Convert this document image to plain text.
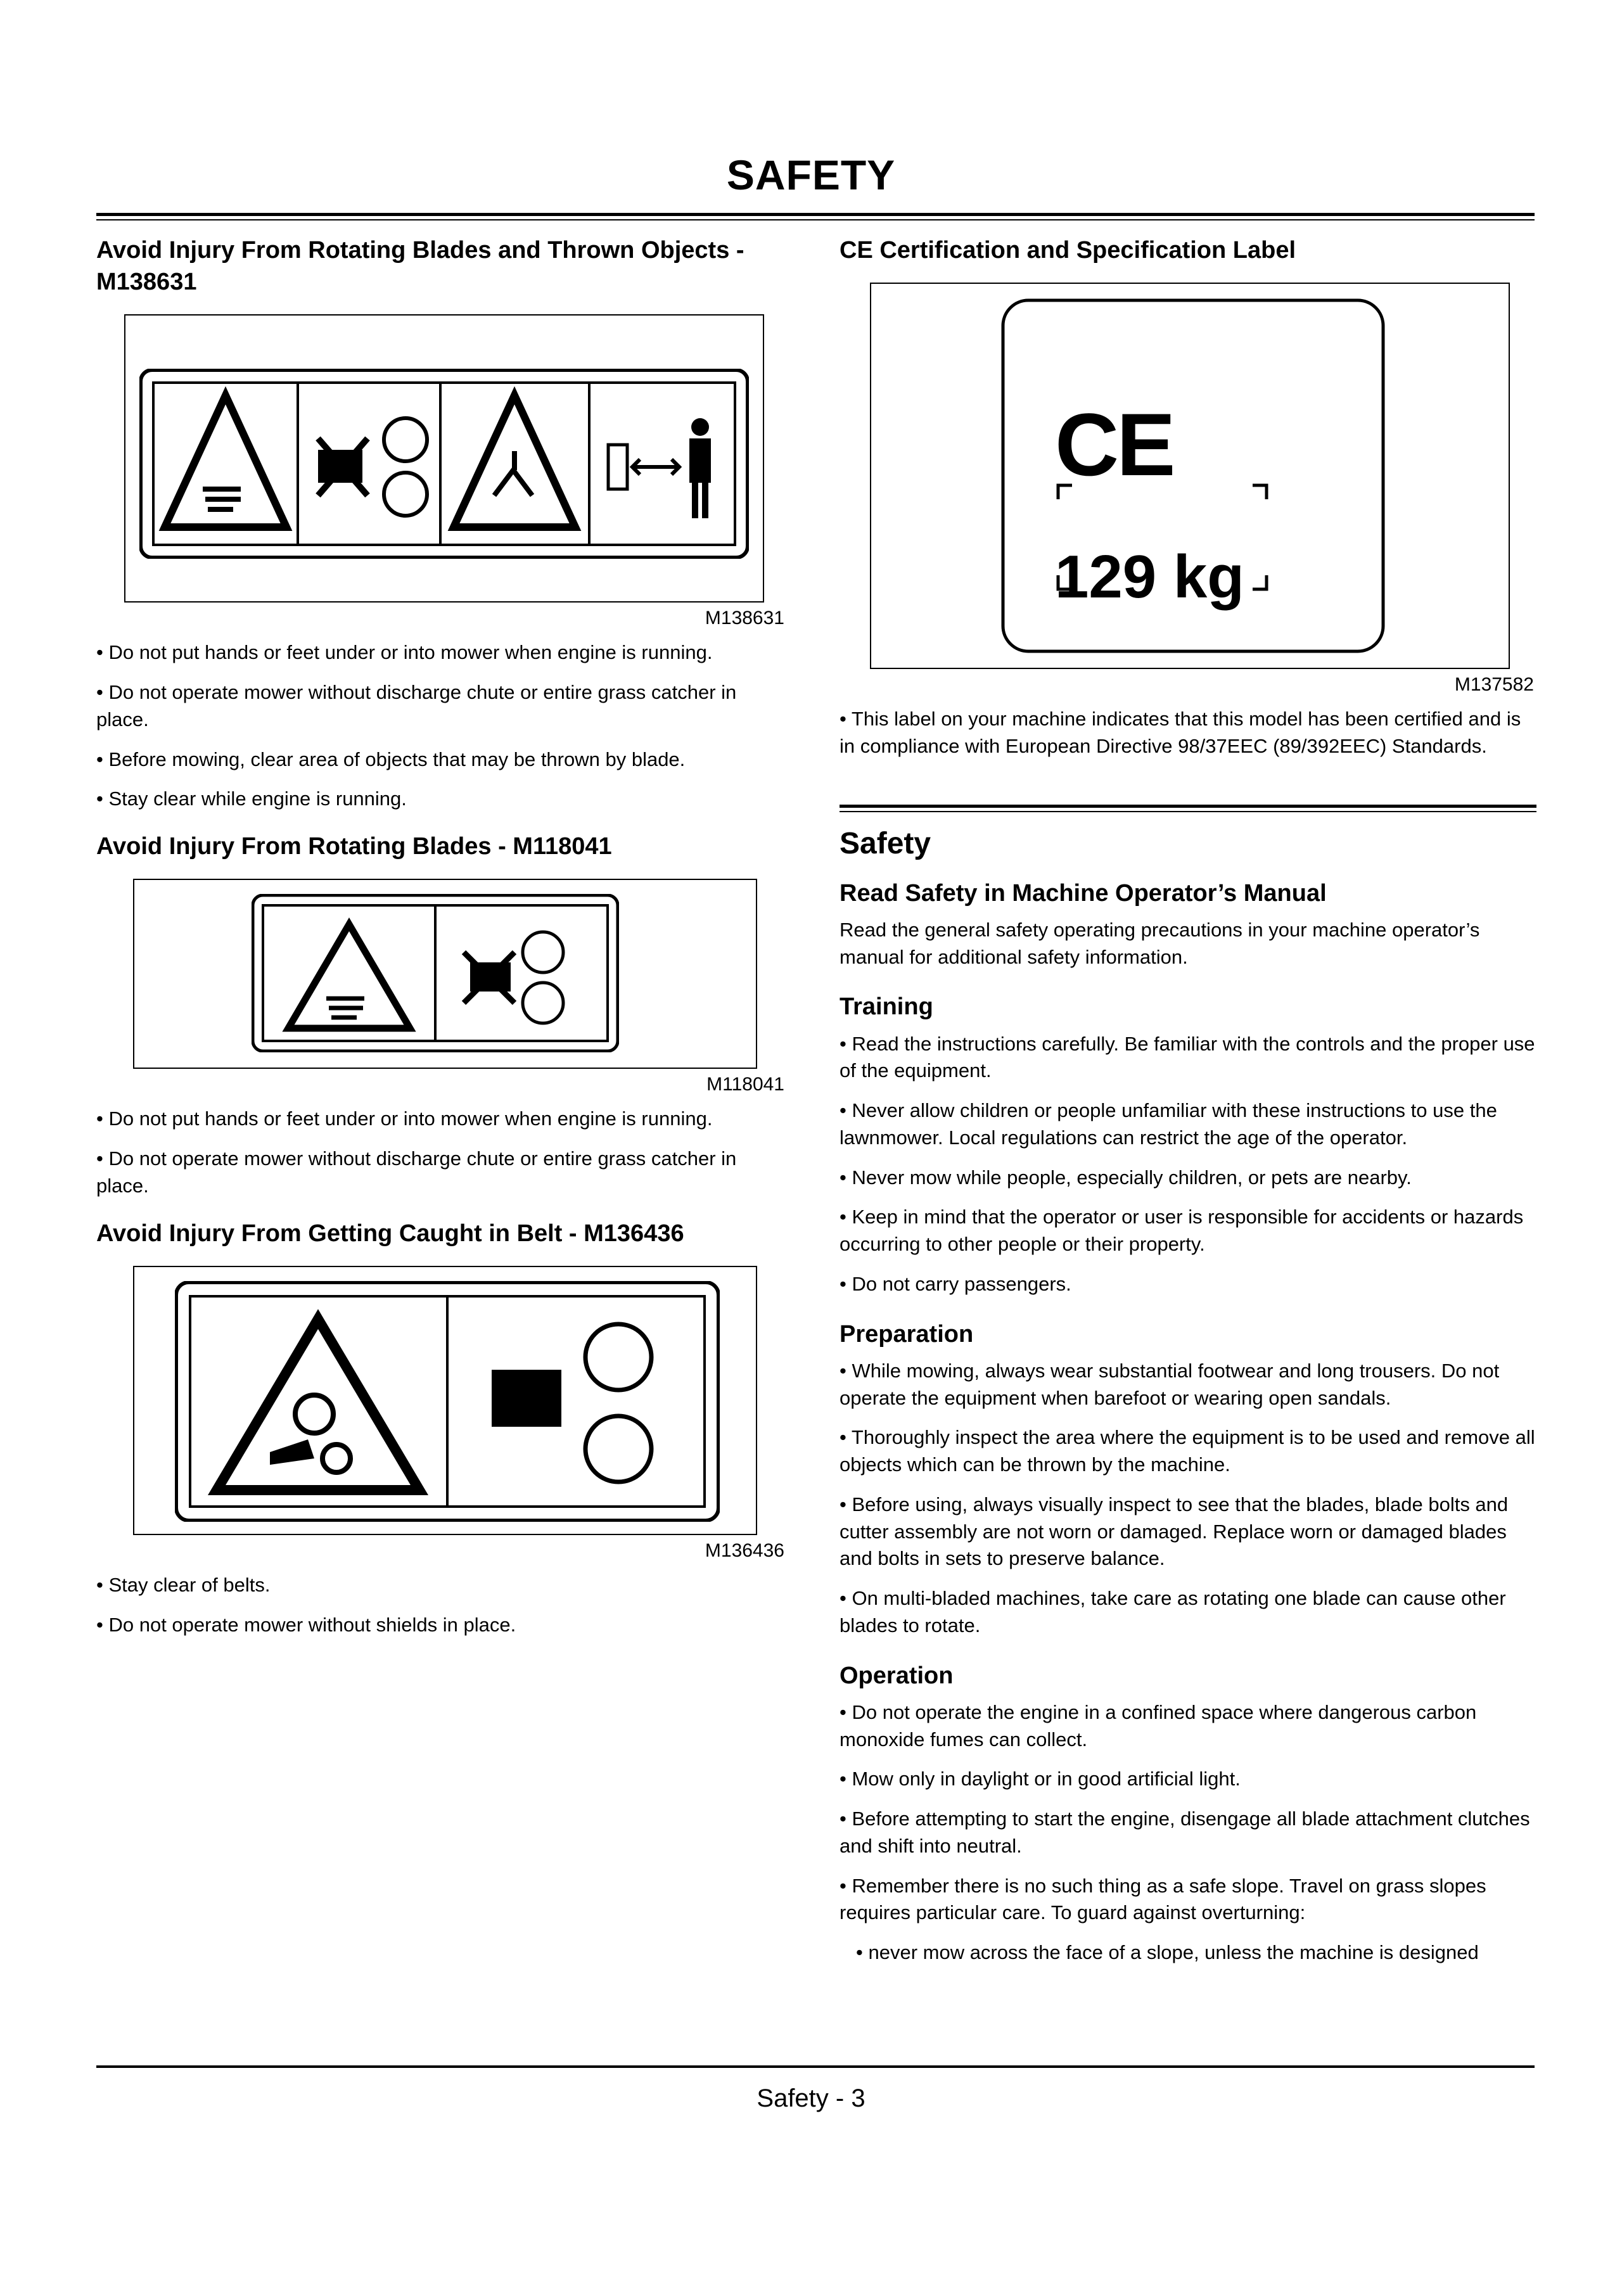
SAFETY
Avoid Injury From Rotating Blades and Thrown Objects - M138631
M138631

• Do not put hands or feet under or into mower when engine is running.

• Do not operate mower without discharge chute or entire grass catcher in place.

• Before mowing, clear area of objects that may be thrown by blade.

• Stay clear while engine is running.

Avoid Injury From Rotating Blades - M118041
M118041

• Do not put hands or feet under or into mower when engine is running.

• Do not operate mower without discharge chute or entire grass catcher in place.

Avoid Injury From Getting Caught in Belt - M136436
M136436

• Stay clear of belts.

• Do not operate mower without shields in place.

CE Certification and Specification Label
CE
129 kg
M137582

• This label on your machine indicates that this model has been certified and is in compliance with European Directive 98/37EEC (89/392EEC) Standards.

Safety
Read Safety in Machine Operator’s Manual

Read the general safety operating precautions in your machine operator’s manual for additional safety information.

Training

• Read the instructions carefully. Be familiar with the controls and the proper use of the equipment.

• Never allow children or people unfamiliar with these instructions to use the lawnmower. Local regulations can restrict the age of the operator.

• Never mow while people, especially children, or pets are nearby.

• Keep in mind that the operator or user is responsible for accidents or hazards occurring to other people or their property.

• Do not carry passengers.

Preparation

• While mowing, always wear substantial footwear and long trousers. Do not operate the equipment when barefoot or wearing open sandals.

• Thoroughly inspect the area where the equipment is to be used and remove all objects which can be thrown by the machine.

• Before using, always visually inspect to see that the blades, blade bolts and cutter assembly are not worn or damaged. Replace worn or damaged blades and bolts in sets to preserve balance.

• On multi-bladed machines, take care as rotating one blade can cause other blades to rotate.

Operation

• Do not operate the engine in a confined space where dangerous carbon monoxide fumes can collect.

• Mow only in daylight or in good artificial light.

• Before attempting to start the engine, disengage all blade attachment clutches and shift into neutral.

• Remember there is no such thing as a safe slope. Travel on grass slopes requires particular care. To guard against overturning:

• never mow across the face of a slope, unless the machine is designed

Safety - 3
